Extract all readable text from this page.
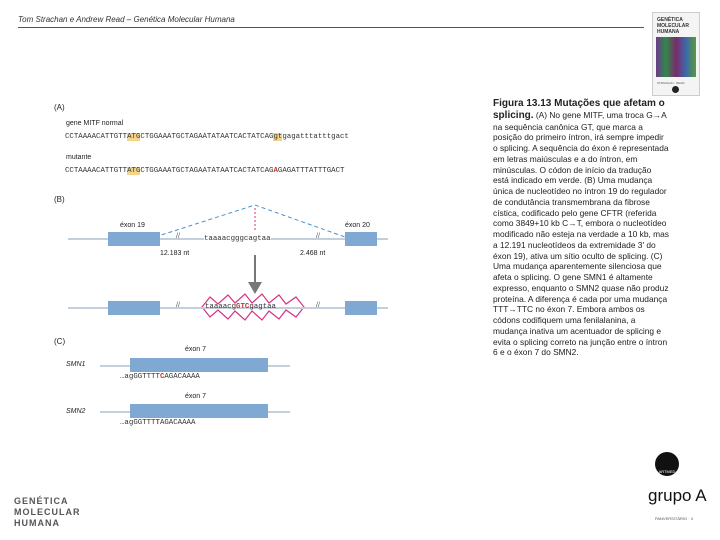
Tom Strachan e Andrew Read – Genética Molecular Humana	GENÉTICA MOLECULAR HUMANA
STRACHAN · READ
(A)
gene MITF normal
CCTAAAACATTGTTATGCTGGAAATGCTAGAATATAATCACTATCAGgtgagatttatttgact
mutante
CCTAAAACATTGTTATGCTGGAAATGCTAGAATATAATCACTATCAGAGAGATTTATTTGACT
(B)
éxon 19	éxon 20
//	//
taaaacgggcagtaa
12.183 nt	2.468 nt
//	//
taaaacgGTCgagtaa
(C)
éxon 7
SMN1
…agGGTTTTCAGACAAAA
éxon 7
SMN2
…agGGTTTTAGACAAAA
Figura 13.13 Mutações que afetam o splicing. (A) No gene MITF, uma troca G→A na sequência canônica GT, que marca a posição do primeiro íntron, irá sempre impedir o splicing. A sequência do éxon é representada em letras maiúsculas e a do íntron, em minúsculas. O códon de início da tradução está indicado em verde. (B) Uma mudança única de nucleotídeo no íntron 19 do regulador de condutância transmembrana da fibrose cística, codificado pelo gene CFTR (referida como 3849+10 kb C→T, embora o nucleotídeo modificado não esteja na verdade a 10 kb, mas a 12.191 nucleotídeos da extremidade 3' do éxon 19), ativa um sítio oculto de splicing. (C) Uma mudança aparentemente silenciosa que afeta o splicing. O gene SMN1 é altamente expresso, enquanto o SMN2 quase não produz proteína. A diferença é cada por uma mudança TTT→TTC no éxon 7. Embora ambos os códons codifiquem uma fenilalanina, a mudança inativa um acentuador de splicing e evita o splicing correto na junção entre o íntron 6 e o éxon 7 do SMN2.
GENÉTICA MOLECULAR HUMANA
ARTMED
grupo A
PANVERSITÁRIO · 4
